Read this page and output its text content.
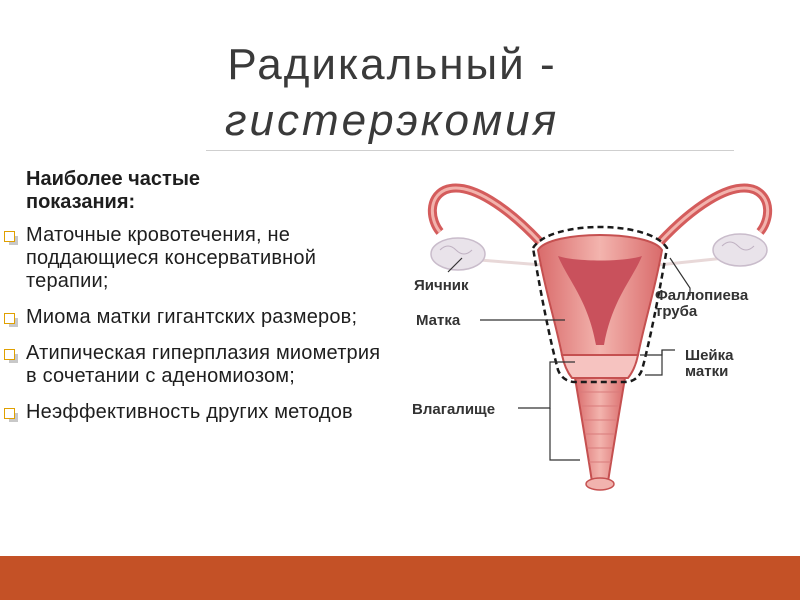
Радикальный -
гистерэкомия
Наиболее частые
показания:
Маточные кровотечения, не поддающиеся консервативной терапии;
Миома матки гигантских размеров;
Атипическая гиперплазия миометрия в сочетании с аденомиозом;
Неэффективность других методов
Яичник
Матка
Влагалище
Фаллопиева
труба
Шейка
матки
